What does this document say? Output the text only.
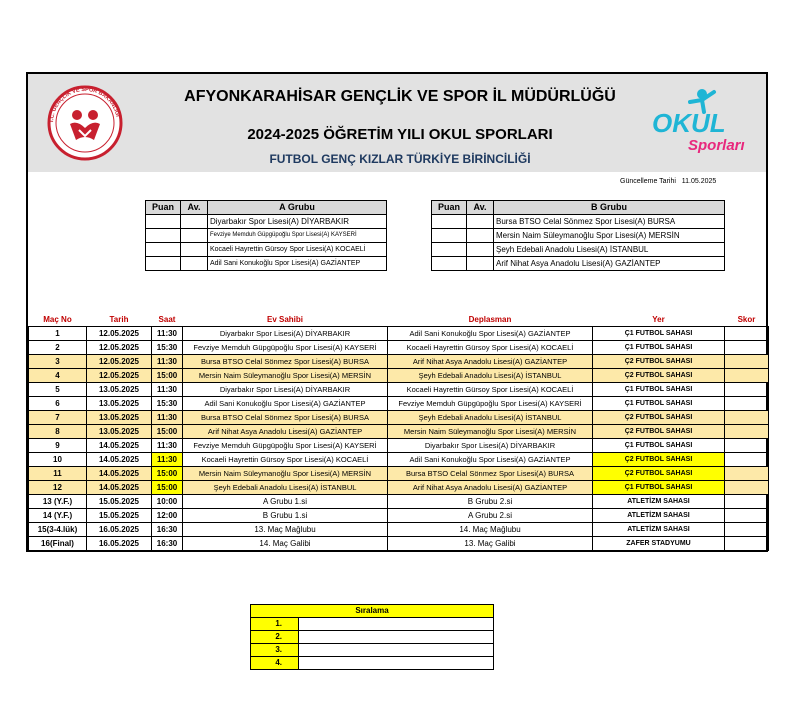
T.C. GENÇLİK VE SPOR BAKANLIĞI
AFYONKARAHİSAR GENÇLİK VE SPOR İL MÜDÜRLÜĞÜ
2024-2025 ÖĞRETİM YILI OKUL SPORLARI
FUTBOL GENÇ KIZLAR TÜRKİYE BİRİNCİLİĞİ
OKUL
Sporları
Güncelleme Tarihi 11.05.2025
Puan	Av.	A Grubu
		Diyarbakır Spor Lisesi(A) DİYARBAKIR
		Fevziye Memduh Güpgüpoğlu Spor Lisesi(A) KAYSERİ
		Kocaeli Hayrettin Gürsoy Spor Lisesi(A) KOCAELİ
		Adil Sani Konukoğlu Spor Lisesi(A) GAZİANTEP
Puan	Av.	B Grubu
		Bursa BTSO Celal Sönmez Spor Lisesi(A) BURSA
		Mersin Naim Süleymanoğlu Spor Lisesi(A) MERSİN
		Şeyh Edebali Anadolu Lisesi(A) İSTANBUL
		Arif Nihat Asya Anadolu Lisesi(A) GAZİANTEP
Maç No	Tarih	Saat	Ev Sahibi	Deplasman	Yer	Skor
1	12.05.2025	11:30	Diyarbakır Spor Lisesi(A) DİYARBAKIR	Adil Sani Konukoğlu Spor Lisesi(A) GAZİANTEP	Ç1 FUTBOL SAHASI	
2	12.05.2025	15:30	Fevziye Memduh Güpgüpoğlu Spor Lisesi(A) KAYSERİ	Kocaeli Hayrettin Gürsoy Spor Lisesi(A) KOCAELİ	Ç1 FUTBOL SAHASI	
3	12.05.2025	11:30	Bursa BTSO Celal Sönmez Spor Lisesi(A) BURSA	Arif Nihat Asya Anadolu Lisesi(A) GAZİANTEP	Ç2 FUTBOL SAHASI	
4	12.05.2025	15:00	Mersin Naim Süleymanoğlu Spor Lisesi(A) MERSİN	Şeyh Edebali Anadolu Lisesi(A) İSTANBUL	Ç2 FUTBOL SAHASI	
5	13.05.2025	11:30	Diyarbakır Spor Lisesi(A) DİYARBAKIR	Kocaeli Hayrettin Gürsoy Spor Lisesi(A) KOCAELİ	Ç1 FUTBOL SAHASI	
6	13.05.2025	15:30	Adil Sani Konukoğlu Spor Lisesi(A) GAZİANTEP	Fevziye Memduh Güpgüpoğlu Spor Lisesi(A) KAYSERİ	Ç1 FUTBOL SAHASI	
7	13.05.2025	11:30	Bursa BTSO Celal Sönmez Spor Lisesi(A) BURSA	Şeyh Edebali Anadolu Lisesi(A) İSTANBUL	Ç2 FUTBOL SAHASI	
8	13.05.2025	15:00	Arif Nihat Asya Anadolu Lisesi(A) GAZİANTEP	Mersin Naim Süleymanoğlu Spor Lisesi(A) MERSİN	Ç2 FUTBOL SAHASI	
9	14.05.2025	11:30	Fevziye Memduh Güpgüpoğlu Spor Lisesi(A) KAYSERİ	Diyarbakır Spor Lisesi(A) DİYARBAKIR	Ç1 FUTBOL SAHASI	
10	14.05.2025	11:30	Kocaeli Hayrettin Gürsoy Spor Lisesi(A) KOCAELİ	Adil Sani Konukoğlu Spor Lisesi(A) GAZİANTEP	Ç2 FUTBOL SAHASI	
11	14.05.2025	15:00	Mersin Naim Süleymanoğlu Spor Lisesi(A) MERSİN	Bursa BTSO Celal Sönmez Spor Lisesi(A) BURSA	Ç2 FUTBOL SAHASI	
12	14.05.2025	15:00	Şeyh Edebali Anadolu Lisesi(A) İSTANBUL	Arif Nihat Asya Anadolu Lisesi(A) GAZİANTEP	Ç1 FUTBOL SAHASI	
13 (Y.F.)	15.05.2025	10:00	A Grubu 1.si	B Grubu 2.si	ATLETİZM SAHASI	
14 (Y.F.)	15.05.2025	12:00	B Grubu 1.si	A Grubu 2.si	ATLETİZM SAHASI	
15(3-4.lük)	16.05.2025	16:30	13. Maç Mağlubu	14. Maç Mağlubu	ATLETİZM SAHASI	
16(Final)	16.05.2025	16:30	14. Maç Galibi	13. Maç Galibi	ZAFER STADYUMU	
Sıralama	
1.	
2.	
3.	
4.	
